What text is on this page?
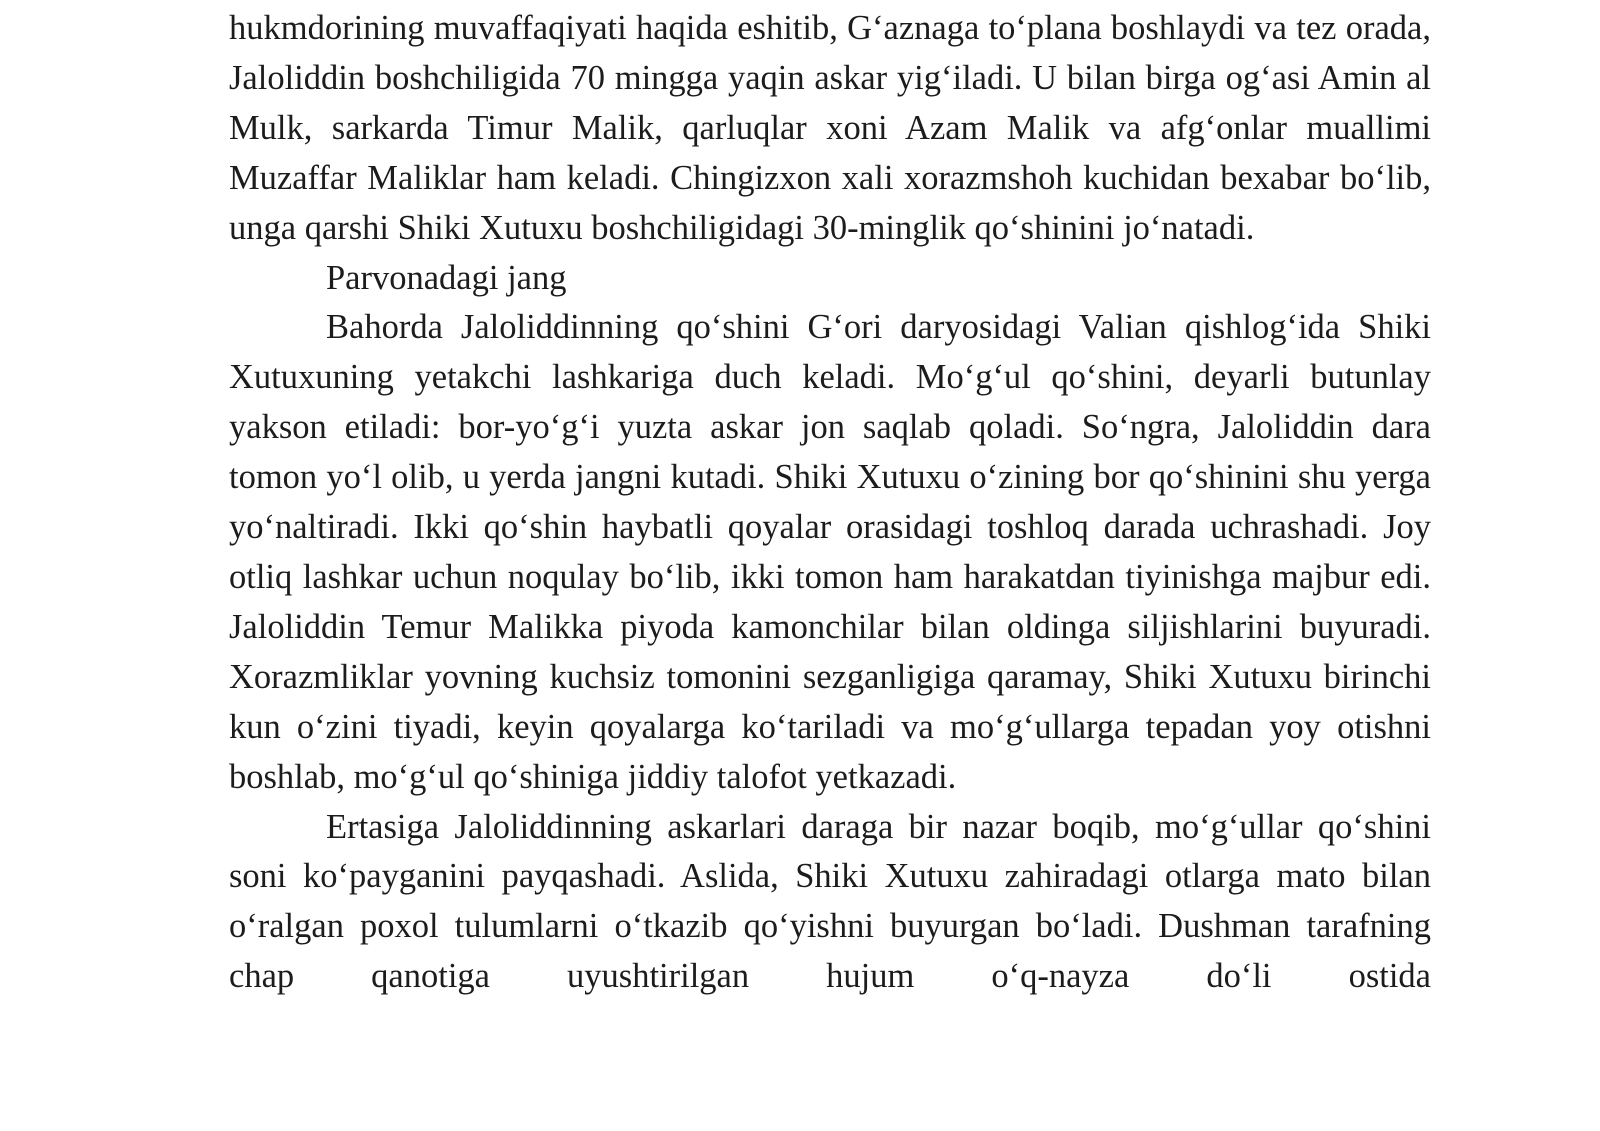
hukmdorining muvaffaqiyati haqida eshitib, G‘aznaga to‘plana boshlaydi va tez orada, Jaloliddin boshchiligida 70 mingga yaqin askar yig‘iladi. U bilan birga og‘asi Amin al Mulk, sarkarda Timur Malik, qarluqlar xoni Azam Malik va afg‘onlar muallimi Muzaffar Maliklar ham keladi. Chingizxon xali xorazmshoh kuchidan bexabar bo‘lib, unga qarshi Shiki Xutuxu boshchiligidagi 30-minglik qo‘shinini jo‘natadi.

Parvonadagi jang

Bahorda Jaloliddinning qo‘shini G‘ori daryosidagi Valian qishlog‘ida Shiki Xutuxuning yetakchi lashkariga duch keladi. Mo‘g‘ul qo‘shini, deyarli butunlay yakson etiladi: bor-yo‘g‘i yuzta askar jon saqlab qoladi. So‘ngra, Jaloliddin dara tomon yo‘l olib, u yerda jangni kutadi. Shiki Xutuxu o‘zining bor qo‘shinini shu yerga yo‘naltiradi. Ikki qo‘shin haybatli qoyalar orasidagi toshloq darada uchrashadi. Joy otliq lashkar uchun noqulay bo‘lib, ikki tomon ham harakatdan tiyinishga majbur edi. Jaloliddin Temur Malikka piyoda kamonchilar bilan oldinga siljishlarini buyuradi. Xorazmliklar yovning kuchsiz tomonini sezganligiga qaramay, Shiki Xutuxu birinchi kun o‘zini tiyadi, keyin qoyalarga ko‘tariladi va mo‘g‘ullarga tepadan yoy otishni boshlab, mo‘g‘ul qo‘shiniga jiddiy talofot yetkazadi.

Ertasiga Jaloliddinning askarlari daraga bir nazar boqib, mo‘g‘ullar qo‘shini soni ko‘payganini payqashadi. Aslida, Shiki Xutuxu zahiradagi otlarga mato bilan o‘ralgan poxol tulumlarni o‘tkazib qo‘yishni buyurgan bo‘ladi. Dushman tarafning chap qanotiga uyushtirilgan hujum o‘q-nayza do‘li ostida
